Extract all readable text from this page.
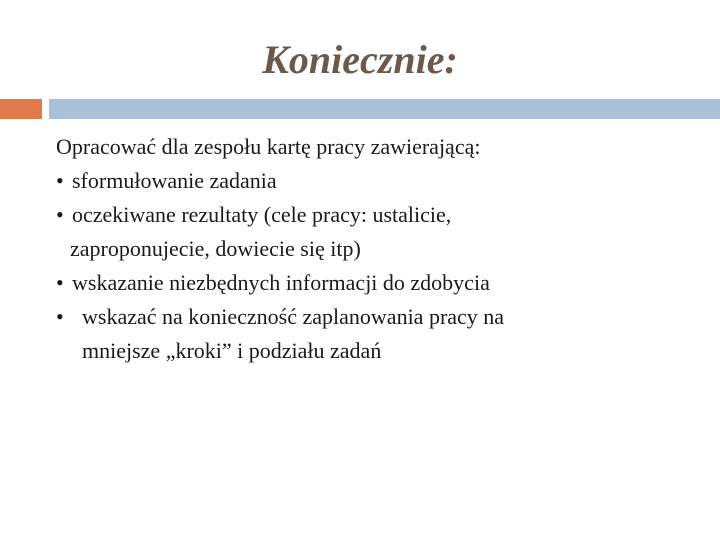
Koniecznie:

Opracować dla zespołu kartę pracy zawierającą:

• sformułowanie zadania
• oczekiwane rezultaty (cele pracy: ustalicie,

zaproponujecie, dowiecie się itp)

• wskazanie niezbędnych informacji do zdobycia
• wskazać na konieczność zaplanowania pracy na
mniejsze „kroki” i podziału zadań
